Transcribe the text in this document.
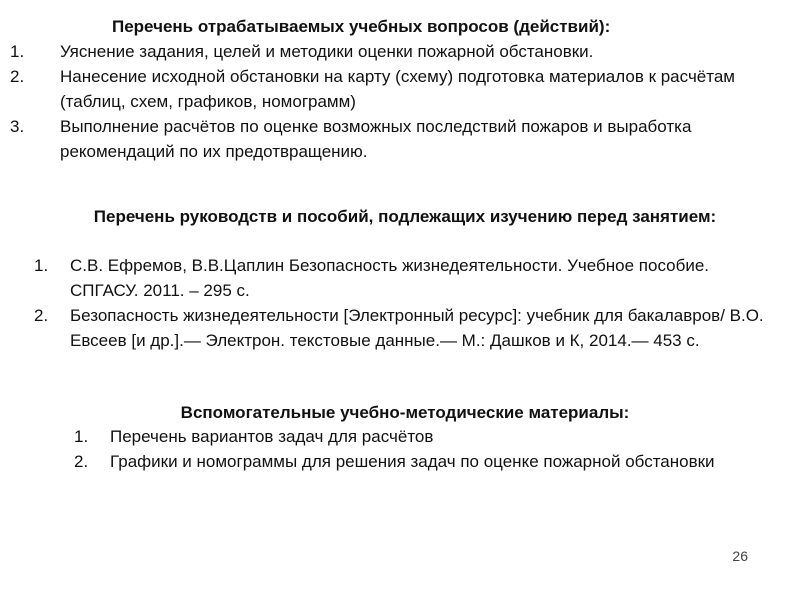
Перечень отрабатываемых учебных вопросов (действий):
1. Уяснение задания, целей и методики оценки пожарной обстановки.
2. Нанесение исходной обстановки на карту (схему) подготовка материалов к расчётам (таблиц, схем, графиков, номограмм)
3. Выполнение расчётов по оценке возможных последствий пожаров и выработка рекомендаций по их предотвращению.
Перечень руководств и пособий, подлежащих изучению перед занятием:
1. С.В. Ефремов, В.В.Цаплин Безопасность жизнедеятельности. Учебное пособие. СПГАСУ. 2011. – 295 с.
2. Безопасность жизнедеятельности [Электронный ресурс]: учебник для бакалавров/ В.О. Евсеев [и др.].— Электрон. текстовые данные.— М.: Дашков и К, 2014.— 453 с.
Вспомогательные учебно-методические материалы:
1. Перечень вариантов задач для расчётов
2. Графики и номограммы для решения задач по оценке пожарной обстановки
26
